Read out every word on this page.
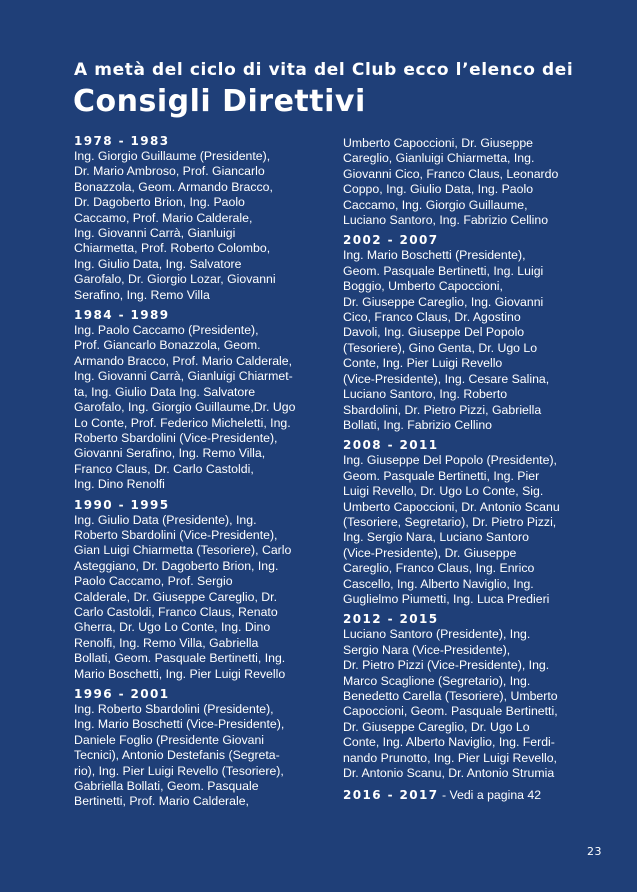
A metà del ciclo di vita del Club ecco l’elenco dei
Consigli Direttivi
1978 - 1983
Ing. Giorgio Guillaume (Presidente),
Dr. Mario Ambroso, Prof. Giancarlo
Bonazzola, Geom. Armando Bracco,
Dr. Dagoberto Brion, Ing. Paolo
Caccamo, Prof. Mario Calderale,
Ing. Giovanni Carrà, Gianluigi
Chiarmetta, Prof. Roberto Colombo,
Ing. Giulio Data, Ing. Salvatore
Garofalo, Dr. Giorgio Lozar, Giovanni
Serafino, Ing. Remo Villa
1984 - 1989
Ing. Paolo Caccamo (Presidente),
Prof. Giancarlo Bonazzola, Geom.
Armando Bracco, Prof. Mario Calderale,
Ing. Giovanni Carrà, Gianluigi Chiarmet-
ta, Ing. Giulio Data Ing. Salvatore
Garofalo, Ing. Giorgio Guillaume,Dr. Ugo
Lo Conte, Prof. Federico Micheletti, Ing.
Roberto Sbardolini (Vice-Presidente),
Giovanni Serafino, Ing. Remo Villa,
Franco Claus, Dr. Carlo Castoldi,
Ing. Dino Renolfi
1990 - 1995
Ing. Giulio Data (Presidente), Ing.
Roberto Sbardolini (Vice-Presidente),
Gian Luigi Chiarmetta (Tesoriere), Carlo
Asteggiano, Dr. Dagoberto Brion, Ing.
Paolo Caccamo, Prof. Sergio
Calderale, Dr. Giuseppe Careglio, Dr.
Carlo Castoldi, Franco Claus, Renato
Gherra, Dr. Ugo Lo Conte, Ing. Dino
Renolfi, Ing. Remo Villa, Gabriella
Bollati, Geom. Pasquale Bertinetti, Ing.
Mario Boschetti, Ing. Pier Luigi Revello
1996 - 2001
Ing. Roberto Sbardolini (Presidente),
Ing. Mario Boschetti (Vice-Presidente),
Daniele Foglio (Presidente Giovani
Tecnici), Antonio Destefanis (Segreta-
rio), Ing. Pier Luigi Revello (Tesoriere),
Gabriella Bollati, Geom. Pasquale
Bertinetti, Prof. Mario Calderale,
Umberto Capoccioni, Dr. Giuseppe
Careglio, Gianluigi Chiarmetta, Ing.
Giovanni Cico, Franco Claus, Leonardo
Coppo, Ing. Giulio Data, Ing. Paolo
Caccamo, Ing. Giorgio Guillaume,
Luciano Santoro, Ing. Fabrizio Cellino
2002 - 2007
Ing. Mario Boschetti (Presidente),
Geom. Pasquale Bertinetti, Ing. Luigi
Boggio, Umberto Capoccioni,
Dr. Giuseppe Careglio, Ing. Giovanni
Cico, Franco Claus, Dr. Agostino
Davoli, Ing. Giuseppe Del Popolo
(Tesoriere), Gino Genta, Dr. Ugo Lo
Conte, Ing. Pier Luigi Revello
(Vice-Presidente), Ing. Cesare Salina,
Luciano Santoro, Ing. Roberto
Sbardolini, Dr. Pietro Pizzi, Gabriella
Bollati, Ing. Fabrizio Cellino
2008 - 2011
Ing. Giuseppe Del Popolo (Presidente),
Geom. Pasquale Bertinetti, Ing. Pier
Luigi Revello, Dr. Ugo Lo Conte, Sig.
Umberto Capoccioni, Dr. Antonio Scanu
(Tesoriere, Segretario), Dr. Pietro Pizzi,
Ing. Sergio Nara, Luciano Santoro
(Vice-Presidente), Dr. Giuseppe
Careglio, Franco Claus, Ing. Enrico
Cascello, Ing. Alberto Naviglio, Ing.
Guglielmo Piumetti, Ing. Luca Predieri
2012 - 2015
Luciano Santoro (Presidente), Ing.
Sergio Nara (Vice-Presidente),
Dr. Pietro Pizzi (Vice-Presidente), Ing.
Marco Scaglione (Segretario), Ing.
Benedetto Carella (Tesoriere), Umberto
Capoccioni, Geom. Pasquale Bertinetti,
Dr. Giuseppe Careglio, Dr. Ugo Lo
Conte, Ing. Alberto Naviglio, Ing. Ferdi-
nando Prunotto, Ing. Pier Luigi Revello,
Dr. Antonio Scanu, Dr. Antonio Strumia
2016 - 2017 - Vedi a pagina 42
23
